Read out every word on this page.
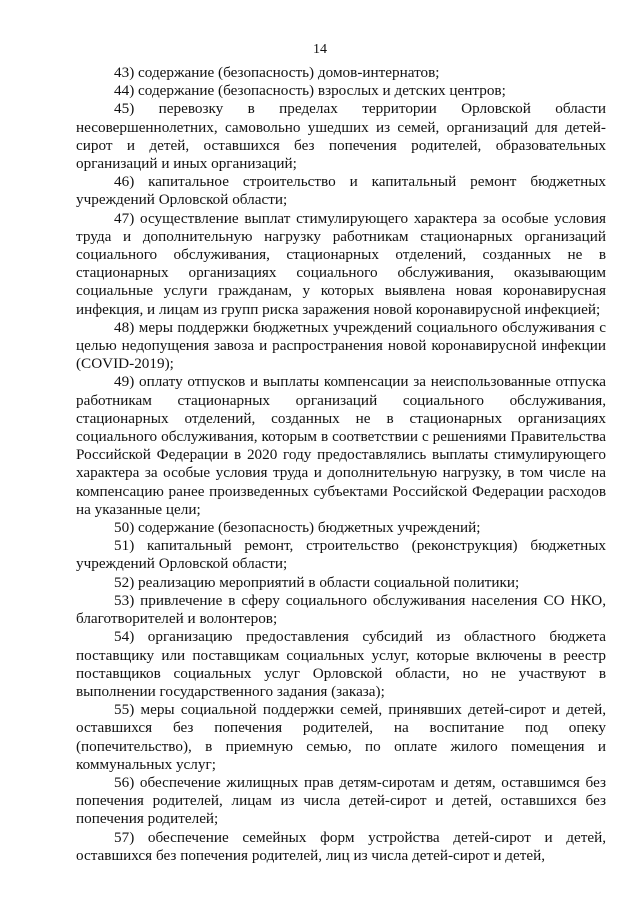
14

43) содержание (безопасность) домов-интернатов;

44) содержание (безопасность) взрослых и детских центров;

45) перевозку в пределах территории Орловской области несовершеннолетних, самовольно ушедших из семей, организаций для детей-сирот и детей, оставшихся без попечения родителей, образовательных организаций и иных организаций;

46) капитальное строительство и капитальный ремонт бюджетных учреждений Орловской области;

47) осуществление выплат стимулирующего характера за особые условия труда и дополнительную нагрузку работникам стационарных организаций социального обслуживания, стационарных отделений, созданных не в стационарных организациях социального обслуживания, оказывающим социальные услуги гражданам, у которых выявлена новая коронавирусная инфекция, и лицам из групп риска заражения новой коронавирусной инфекцией;

48) меры поддержки бюджетных учреждений социального обслуживания с целью недопущения завоза и распространения новой коронавирусной инфекции (COVID-2019);

49) оплату отпусков и выплаты компенсации за неиспользованные отпуска работникам стационарных организаций социального обслуживания, стационарных отделений, созданных не в стационарных организациях социального обслуживания, которым в соответствии с решениями Правительства Российской Федерации в 2020 году предоставлялись выплаты стимулирующего характера за особые условия труда и дополнительную нагрузку, в том числе на компенсацию ранее произведенных субъектами Российской Федерации расходов на указанные цели;

50) содержание (безопасность) бюджетных учреждений;

51) капитальный ремонт, строительство (реконструкция) бюджетных учреждений Орловской области;

52) реализацию мероприятий в области социальной политики;

53) привлечение в сферу социального обслуживания населения СО НКО, благотворителей и волонтеров;

54) организацию предоставления субсидий из областного бюджета поставщику или поставщикам социальных услуг, которые включены в реестр поставщиков социальных услуг Орловской области, но не участвуют в выполнении государственного задания (заказа);

55) меры социальной поддержки семей, принявших детей-сирот и детей, оставшихся без попечения родителей, на воспитание под опеку (попечительство), в приемную семью, по оплате жилого помещения и коммунальных услуг;

56) обеспечение жилищных прав детям-сиротам и детям, оставшимся без попечения родителей, лицам из числа детей-сирот и детей, оставшихся без попечения родителей;

57) обеспечение семейных форм устройства детей-сирот и детей, оставшихся без попечения родителей, лиц из числа детей-сирот и детей,
